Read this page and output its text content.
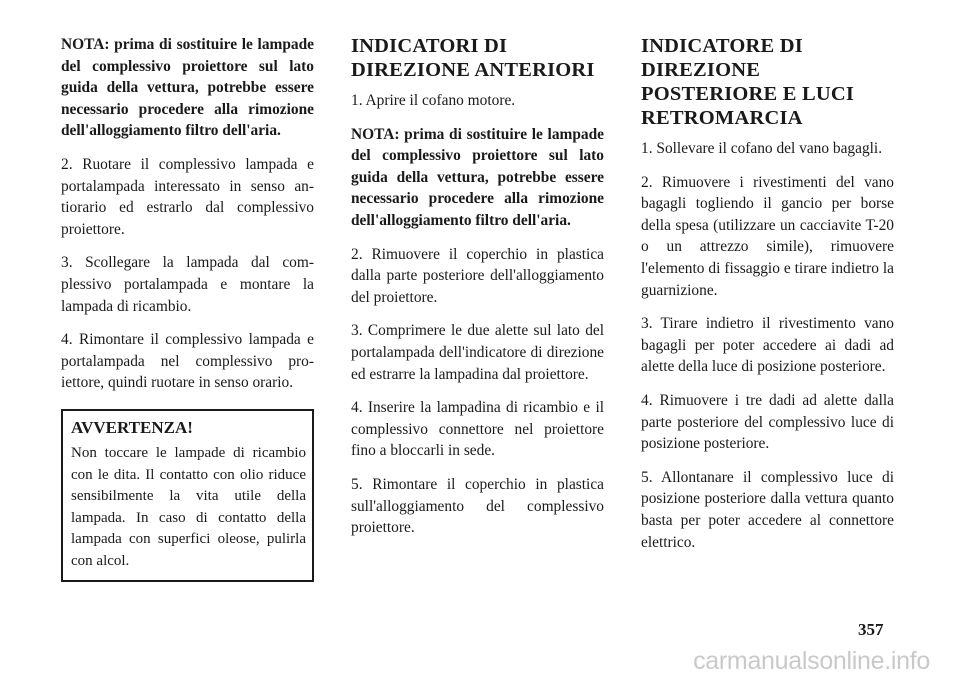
NOTA: prima di sostituire le lampade del complessivo proiettore sul lato guida della vettura, potrebbe essere necessario procedere alla rimozione dell'alloggiamento filtro dell'aria.

2. Ruotare il complessivo lampada e portalampada interessato in senso antiorario ed estrarlo dal complessivo proiettore.

3. Scollegare la lampada dal complessivo portalampada e montare la lampada di ricambio.

4. Rimontare il complessivo lampada e portalampada nel complessivo proiettore, quindi ruotare in senso orario.

AVVERTENZA!

Non toccare le lampade di ricambio con le dita. Il contatto con olio riduce sensibilmente la vita utile della lampada. In caso di contatto della lampada con superfici oleose, pulirla con alcol.

INDICATORI DI DIREZIONE ANTERIORI

1. Aprire il cofano motore.

NOTA: prima di sostituire le lampade del complessivo proiettore sul lato guida della vettura, potrebbe essere necessario procedere alla rimozione dell'alloggiamento filtro dell'aria.

2. Rimuovere il coperchio in plastica dalla parte posteriore dell'alloggiamento del proiettore.

3. Comprimere le due alette sul lato del portalampada dell'indicatore di direzione ed estrarre la lampadina dal proiettore.

4. Inserire la lampadina di ricambio e il complessivo connettore nel proiettore fino a bloccarli in sede.

5. Rimontare il coperchio in plastica sull'alloggiamento del complessivo proiettore.

INDICATORE DI DIREZIONE POSTERIORE E LUCI RETROMARCIA

1. Sollevare il cofano del vano bagagli.

2. Rimuovere i rivestimenti del vano bagagli togliendo il gancio per borse della spesa (utilizzare un cacciavite T-20 o un attrezzo simile), rimuovere l'elemento di fissaggio e tirare indietro la guarnizione.

3. Tirare indietro il rivestimento vano bagagli per poter accedere ai dadi ad alette della luce di posizione posteriore.

4. Rimuovere i tre dadi ad alette dalla parte posteriore del complessivo luce di posizione posteriore.

5. Allontanare il complessivo luce di posizione posteriore dalla vettura quanto basta per poter accedere al connettore elettrico.

357
carmanualsonline.info
